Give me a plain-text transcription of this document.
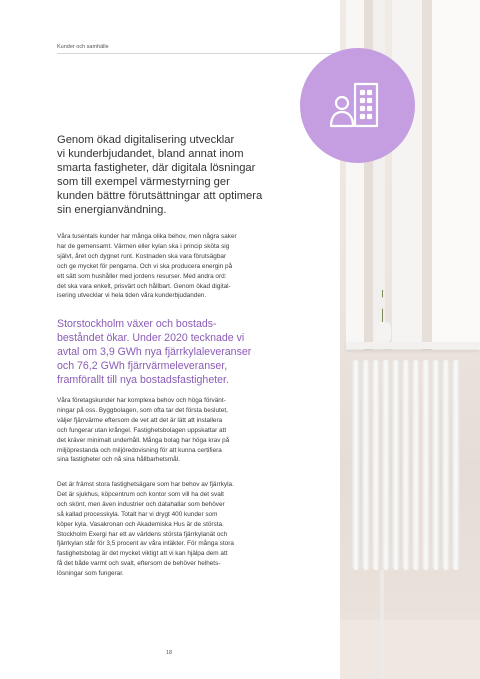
Kunder och samhälle
Genom ökad digitalisering utvecklar
vi kunderbjudandet, bland annat inom
smarta fastigheter, där digitala lösningar
som till exempel värmestyrning ger
kunden bättre förutsättningar att optimera
sin energianvändning.
Våra tusentals kunder har många olika behov, men några saker
har de gemensamt. Värmen eller kylan ska i princip sköta sig
självt, året och dygnet runt. Kostnaden ska vara förutsägbar
och ge mycket för pengarna. Och vi ska producera energin på
ett sätt som hushåller med jordens resurser. Med andra ord:
det ska vara enkelt, prisvärt och hållbart. Genom ökad digital-
isering utvecklar vi hela tiden våra kunderbjudanden.
Storstockholm växer och bostads-
beståndet ökar. Under 2020 tecknade vi
avtal om 3,9 GWh nya fjärrkylaleveranser
och 76,2 GWh fjärrvärmeleveranser,
framförallt till nya bostadsfastigheter.
Våra företagskunder har komplexa behov och höga förvänt-
ningar på oss. Byggbolagen, som ofta tar det första beslutet,
väljer fjärrvärme eftersom de vet att det är lätt att installera
och fungerar utan krångel. Fastighetsbolagen uppskattar att
det kräver minimalt underhåll. Många bolag har höga krav på
miljöprestanda och miljöredovisning för att kunna certifiera
sina fastigheter och nå sina hållbarhetsmål.
Det är främst stora fastighetsägare som har behov av fjärrkyla.
Det är sjukhus, köpcentrum och kontor som vill ha det svalt
och skönt, men även industrier och datahallar som behöver
så kallad processkyla. Totalt har vi drygt 400 kunder som
köper kyla. Vasakronan och Akademiska Hus är de största.
Stockholm Exergi har ett av världens största fjärrkylanät och
fjärrkylan står för 3,5 procent av våra intäkter. För många stora
fastighetsbolag är det mycket viktigt att vi kan hjälpa dem att
få det både varmt och svalt, eftersom de behöver helhets-
lösningar som fungerar.
18
